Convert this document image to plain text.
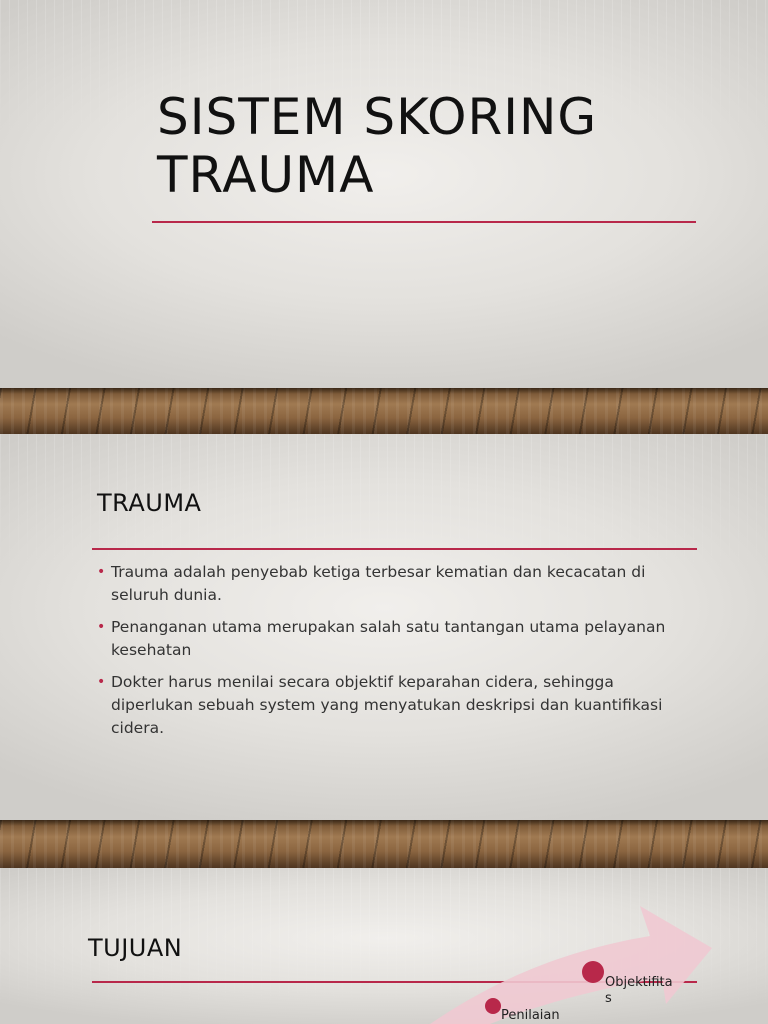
SISTEM SKORING TRAUMA
TRAUMA
• Trauma adalah penyebab ketiga terbesar kematian dan kecacatan di seluruh dunia.
• Penanganan utama merupakan salah satu tantangan utama pelayanan kesehatan
• Dokter harus menilai secara objektif keparahan cidera, sehingga diperlukan sebuah system yang menyatukan deskripsi dan kuantifikasi cidera.
TUJUAN
Objektifitas
Penilaian
